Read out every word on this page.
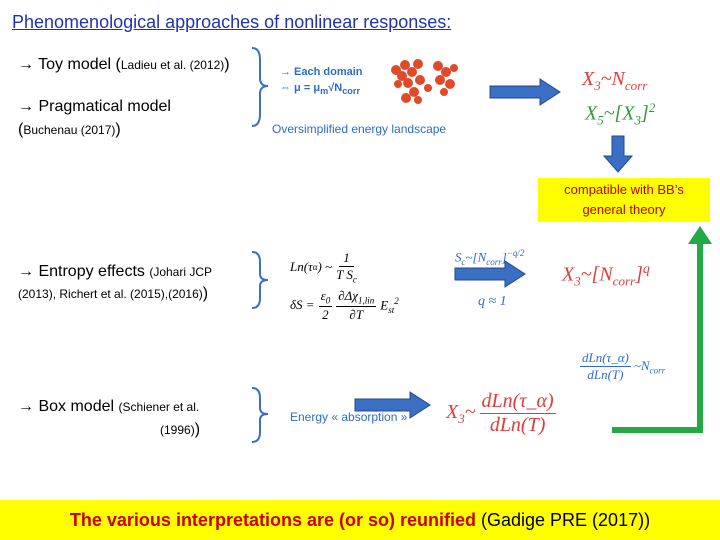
Phenomenological approaches of nonlinear responses:
→ Toy model (Ladieu et al. (2012))
→ Pragmatical model
(Buchenau (2017))
→ Entropy effects (Johari JCP
(2013), Richert et al. (2015),(2016))
→ Box model (Schiener et al.
(1996))
→ Each domain
⇔ $\mu = \mu_m√N_{corr}$
Oversimplified energy landscape
$X_3\sim N_{corr}$
$X_5\sim[X_3]^2$
compatible with BB’s
general theory
Ln(τ α ) ~
1
T $S_c$
$\delta S = \frac{\varepsilon_0}{2} \partial\Delta\chi_{1,lin}$
∂T
$E_{st}^2$
$S_c\sim[N_{corr}]^{-q/2}$
q ≈ 1
$X_3\sim[N_{corr}]^q$
dLn(τ_α)
dLn(T)
$\sim N_{corr}$
Energy « absorption » $X_3\sim$ dLn(τ_α)
dLn(T)
The various interpretations are (or so) reunified (Gadige PRE (2017))
